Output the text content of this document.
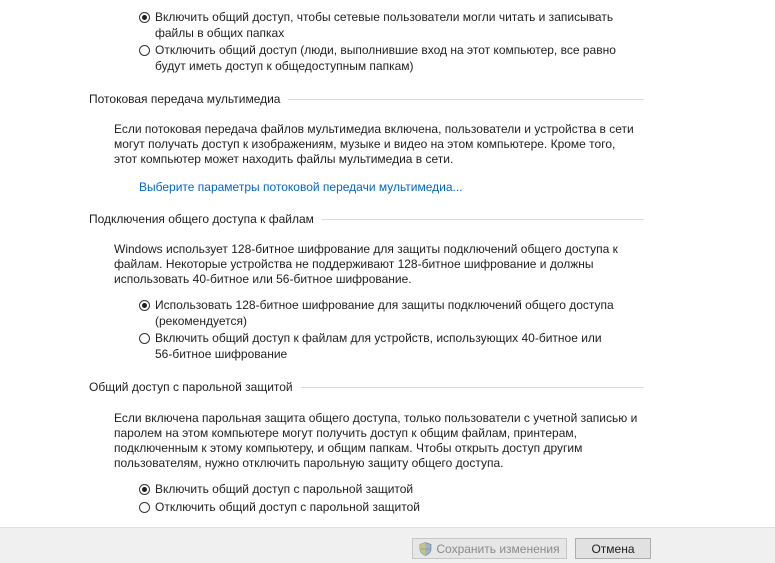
Включить общий доступ, чтобы сетевые пользователи могли читать и записывать
файлы в общих папках
Отключить общий доступ (люди, выполнившие вход на этот компьютер, все равно
будут иметь доступ к общедоступным папкам)
Потоковая передача мультимедиа
Если потоковая передача файлов мультимедиа включена, пользователи и устройства в сети
могут получать доступ к изображениям, музыке и видео на этом компьютере. Кроме того,
этот компьютер может находить файлы мультимедиа в сети.
Выберите параметры потоковой передачи мультимедиа...
Подключения общего доступа к файлам
Windows использует 128-битное шифрование для защиты подключений общего доступа к
файлам. Некоторые устройства не поддерживают 128-битное шифрование и должны
использовать 40-битное или 56-битное шифрование.
Использовать 128-битное шифрование для защиты подключений общего доступа
(рекомендуется)
Включить общий доступ к файлам для устройств, использующих 40-битное или
56-битное шифрование
Общий доступ с парольной защитой
Если включена парольная защита общего доступа, только пользователи с учетной записью и
паролем на этом компьютере могут получить доступ к общим файлам, принтерам,
подключенным к этому компьютеру, и общим папкам. Чтобы открыть доступ другим
пользователям, нужно отключить парольную защиту общего доступа.
Включить общий доступ с парольной защитой
Отключить общий доступ с парольной защитой
Сохранить изменения	Отмена
